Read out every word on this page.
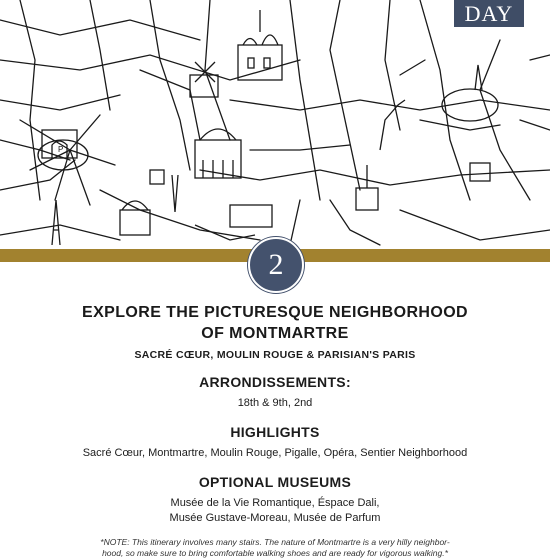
P
DAY
2
EXPLORE THE PICTURESQUE NEIGHBORHOOD
OF MONTMARTRE

SACRÉ CŒUR, MOULIN ROUGE & PARISIAN'S PARIS

ARRONDISSEMENTS:

18th & 9th, 2nd

HIGHLIGHTS

Sacré Cœur, Montmartre, Moulin Rouge, Pigalle, Opéra, Sentier Neighborhood

OPTIONAL MUSEUMS

Musée de la Vie Romantique, Éspace Dali,
Musée Gustave-Moreau, Musée de Parfum

*NOTE: This itinerary involves many stairs. The nature of Montmartre is a very hilly neighbor-
hood, so make sure to bring comfortable walking shoes and are ready for vigorous walking.*
